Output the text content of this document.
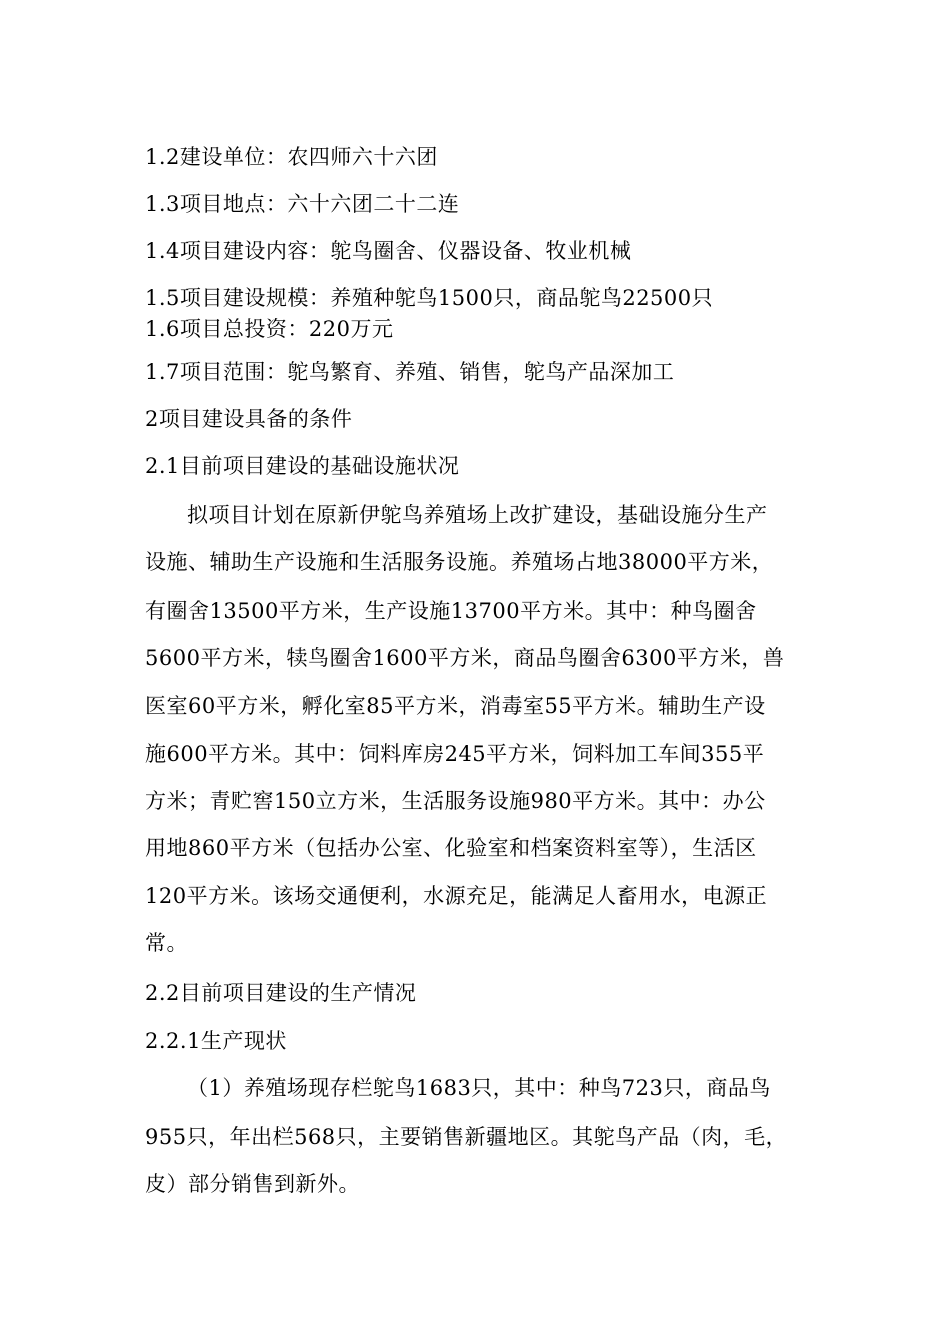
1.2建设单位：农四师六十六团
1.3项目地点：六十六团二十二连
1.4项目建设内容：鸵鸟圈舍、仪器设备、牧业机械
1.5项目建设规模：养殖种鸵鸟1500只，商品鸵鸟22500只
1.6项目总投资：220万元
1.7项目范围：鸵鸟繁育、养殖、销售，鸵鸟产品深加工
2项目建设具备的条件
2.1目前项目建设的基础设施状况
拟项目计划在原新伊鸵鸟养殖场上改扩建设，基础设施分生产
设施、辅助生产设施和生活服务设施。养殖场占地38000平方米，
有圈舍13500平方米，生产设施13700平方米。其中：种鸟圈舍
5600平方米，犊鸟圈舍1600平方米，商品鸟圈舍6300平方米，兽
医室60平方米，孵化室85平方米，消毒室55平方米。辅助生产设
施600平方米。其中：饲料库房245平方米，饲料加工车间355平
方米；青贮窖150立方米，生活服务设施980平方米。其中：办公
用地860平方米（包括办公室、化验室和档案资料室等），生活区
120平方米。该场交通便利，水源充足，能满足人畜用水，电源正
常。
2.2目前项目建设的生产情况
2.2.1生产现状
（1）养殖场现存栏鸵鸟1683只，其中：种鸟723只，商品鸟
955只，年出栏568只，主要销售新疆地区。其鸵鸟产品（肉，毛，
皮）部分销售到新外。
